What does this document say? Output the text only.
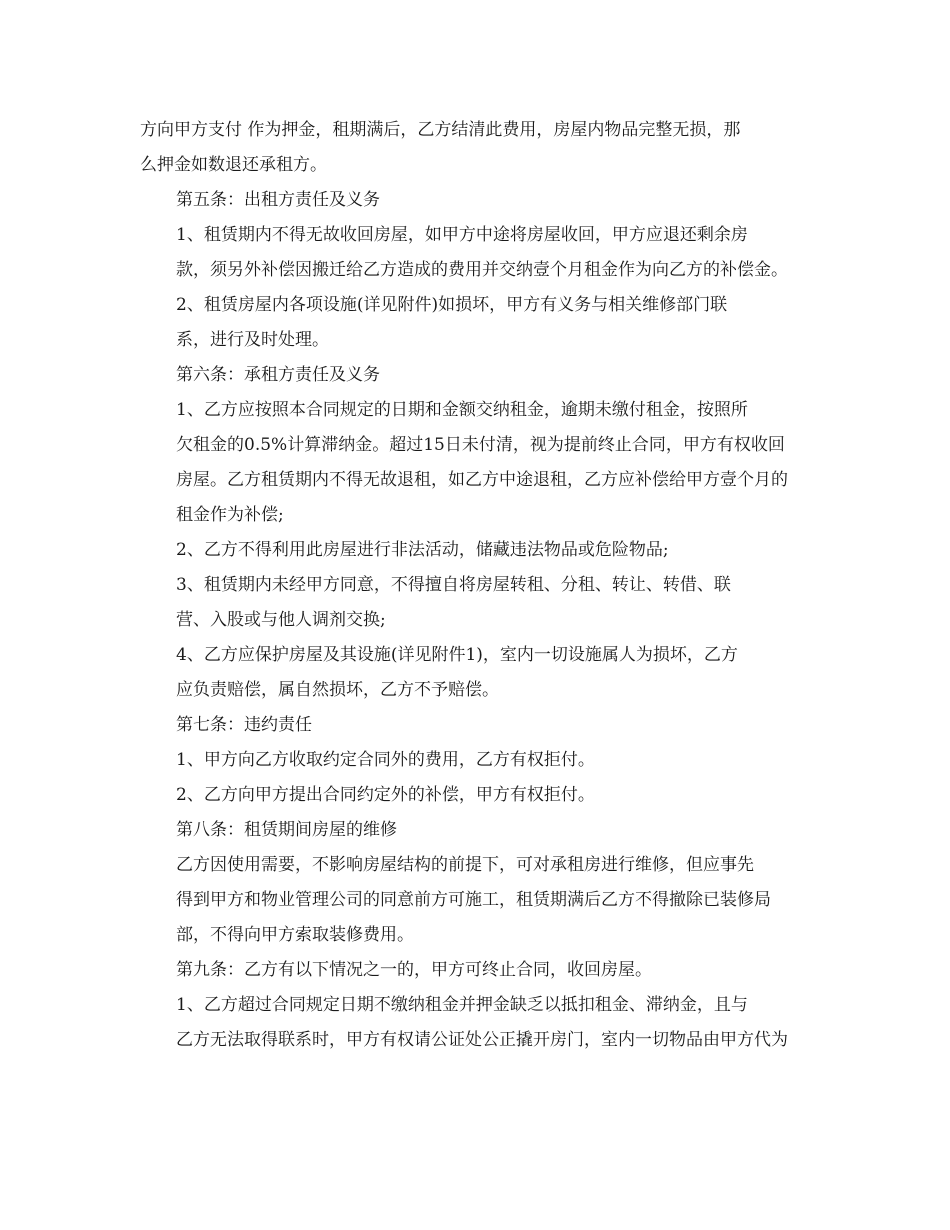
方向甲方支付 作为押金，租期满后，乙方结清此费用，房屋内物品完整无损，那
么押金如数退还承租方。
第五条：出租方责任及义务
1、租赁期内不得无故收回房屋，如甲方中途将房屋收回，甲方应退还剩余房
款，须另外补偿因搬迁给乙方造成的费用并交纳壹个月租金作为向乙方的补偿金。
2、租赁房屋内各项设施(详见附件)如损坏，甲方有义务与相关维修部门联
系，进行及时处理。
第六条：承租方责任及义务
1、乙方应按照本合同规定的日期和金额交纳租金，逾期未缴付租金，按照所
欠租金的0.5%计算滞纳金。超过15日未付清，视为提前终止合同，甲方有权收回
房屋。乙方租赁期内不得无故退租，如乙方中途退租，乙方应补偿给甲方壹个月的
租金作为补偿;
2、乙方不得利用此房屋进行非法活动，储藏违法物品或危险物品;
3、租赁期内未经甲方同意，不得擅自将房屋转租、分租、转让、转借、联
营、入股或与他人调剂交换;
4、乙方应保护房屋及其设施(详见附件1)，室内一切设施属人为损坏，乙方
应负责赔偿，属自然损坏，乙方不予赔偿。
第七条：违约责任
1、甲方向乙方收取约定合同外的费用，乙方有权拒付。
2、乙方向甲方提出合同约定外的补偿，甲方有权拒付。
第八条：租赁期间房屋的维修
乙方因使用需要，不影响房屋结构的前提下，可对承租房进行维修，但应事先
得到甲方和物业管理公司的同意前方可施工，租赁期满后乙方不得撤除已装修局
部，不得向甲方索取装修费用。
第九条：乙方有以下情况之一的，甲方可终止合同，收回房屋。
1、乙方超过合同规定日期不缴纳租金并押金缺乏以抵扣租金、滞纳金，且与
乙方无法取得联系时，甲方有权请公证处公正撬开房门，室内一切物品由甲方代为
